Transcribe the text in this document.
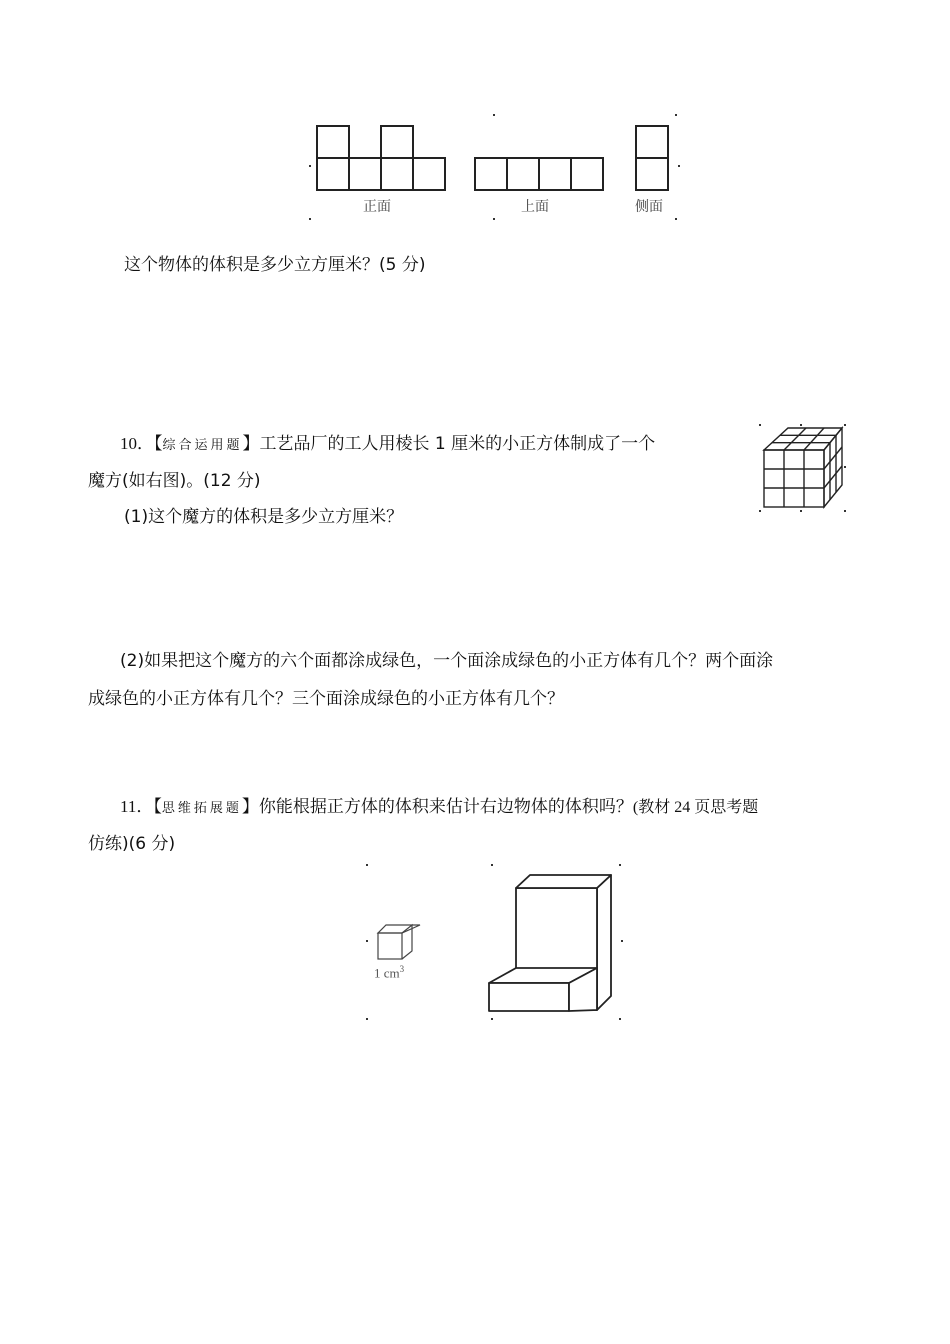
正面	上面	侧面
这个物体的体积是多少立方厘米？(5 分)
10．【综合运用题】工艺品厂的工人用棱长 1 厘米的小正方体制成了一个
魔方(如右图)。(12 分)
(1)这个魔方的体积是多少立方厘米？
(2)如果把这个魔方的六个面都涂成绿色，一个面涂成绿色的小正方体有几个？两个面涂
成绿色的小正方体有几个？三个面涂成绿色的小正方体有几个？
11．【思维拓展题】你能根据正方体的体积来估计右边物体的体积吗？(教材 24 页思考题
仿练)(6 分)
1 $cm^3$
